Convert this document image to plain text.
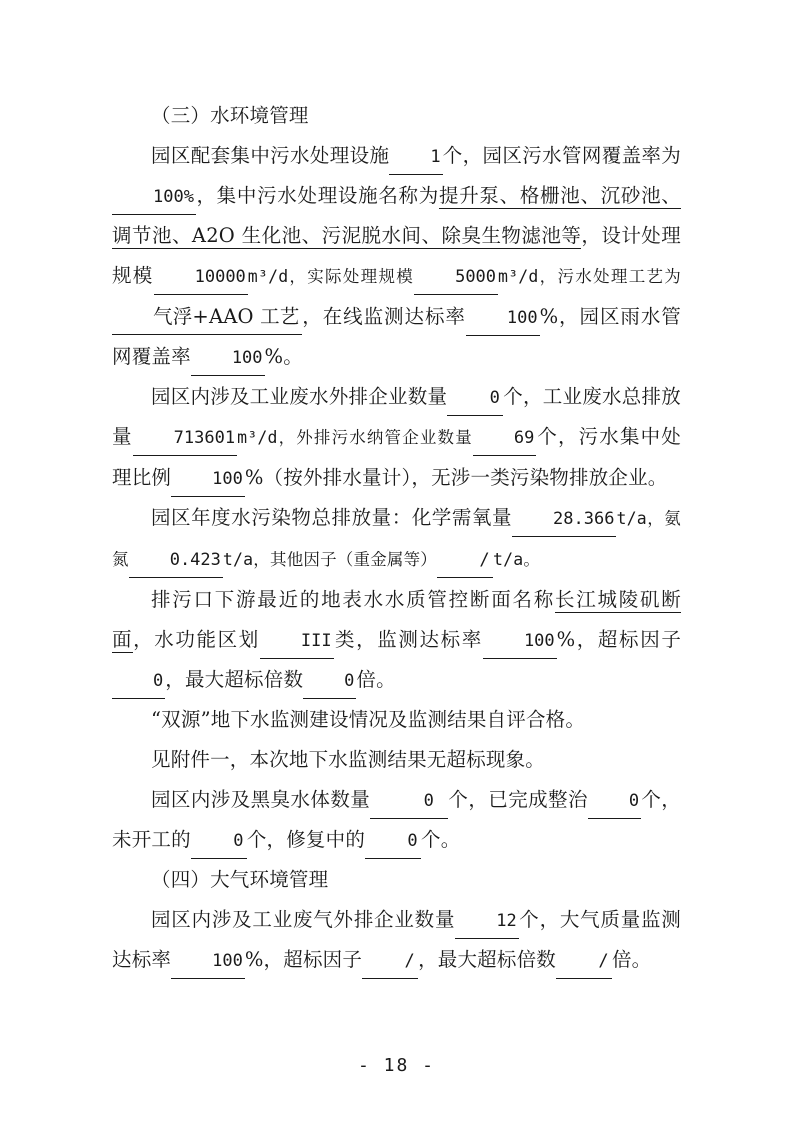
（三）水环境管理

园区配套集中污水处理设施 1 个，园区污水管网覆盖率为100% ，集中污水处理设施名称为提升泵、格栅池、沉砂池、调节池、A2O 生化池、污泥脱水间、除臭生物滤池等，设计处理规模 10000 m³/d，实际处理规模 5000 m³/d，污水处理工艺为气浮+AAO 工艺 ，在线监测达标率 100 %，园区雨水管网覆盖率 100 %。

园区内涉及工业废水外排企业数量 0 个，工业废水总排放量 713601 m³/d，外排污水纳管企业数量 69 个，污水集中处理比例 100 %（按外排水量计），无涉一类污染物排放企业。

园区年度水污染物总排放量：化学需氧量 28.366 t/a，氨氮 0.423 t/a，其他因子（重金属等） / t/a。

排污口下游最近的地表水水质管控断面名称长江城陵矶断面，水功能区划 III 类，监测达标率 100 %，超标因子0 ，最大超标倍数 0 倍。

“双源”地下水监测建设情况及监测结果自评合格。

见附件一，本次地下水监测结果无超标现象。

园区内涉及黑臭水体数量	0 个，已完成整治 0 个，未开工的 0 个，修复中的 0 个。

（四）大气环境管理

园区内涉及工业废气外排企业数量 12 个，大气质量监测达标率 100 %，超标因子 / ，最大超标倍数 / 倍。

- 18 -
